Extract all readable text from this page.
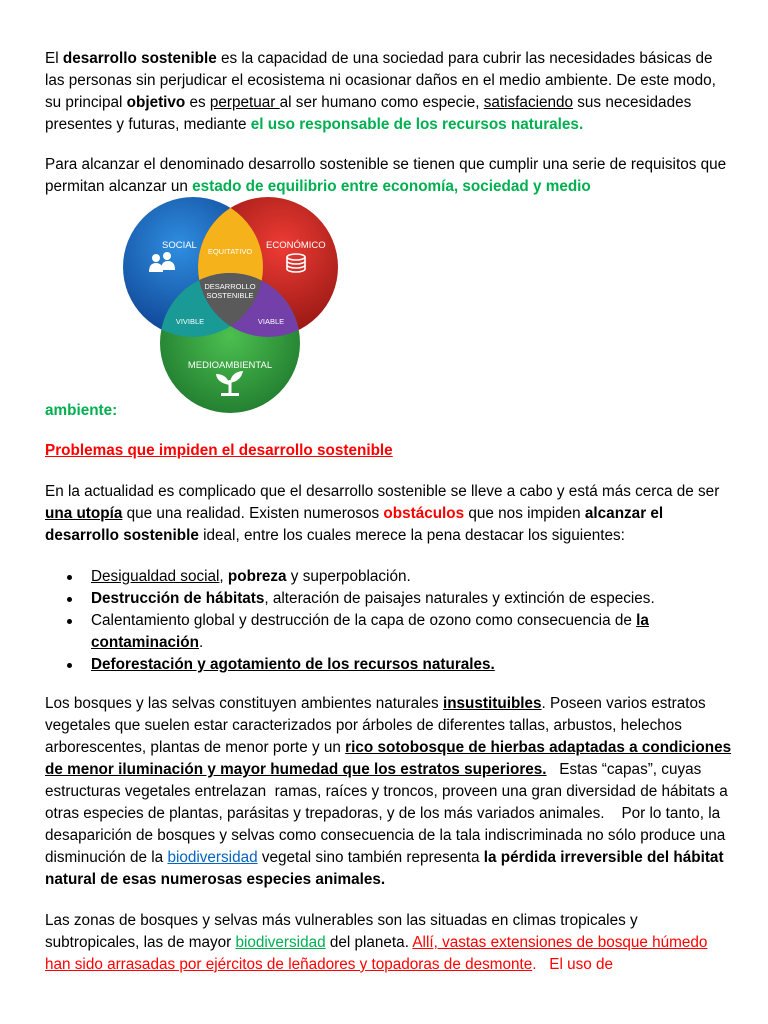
El desarrollo sostenible es la capacidad de una sociedad para cubrir las necesidades básicas de las personas sin perjudicar el ecosistema ni ocasionar daños en el medio ambiente. De este modo, su principal objetivo es perpetuar al ser humano como especie, satisfaciendo sus necesidades presentes y futuras, mediante el uso responsable de los recursos naturales.

Para alcanzar el denominado desarrollo sostenible se tienen que cumplir una serie de requisitos que permitan alcanzar un estado de equilibrio entre economía, sociedad y medio

SOCIAL	ECONÓMICO
EQUITATIVO
DESARROLLO
SOSTENIBLE
VIVIBLE	VIABLE
MEDIOAMBIENTAL

ambiente:

Problemas que impiden el desarrollo sostenible

En la actualidad es complicado que el desarrollo sostenible se lleve a cabo y está más cerca de ser una utopía que una realidad. Existen numerosos obstáculos que nos impiden alcanzar el desarrollo sostenible ideal, entre los cuales merece la pena destacar los siguientes:

Desigualdad social, pobreza y superpoblación.
Destrucción de hábitats, alteración de paisajes naturales y extinción de especies.
Calentamiento global y destrucción de la capa de ozono como consecuencia de la contaminación.
Deforestación y agotamiento de los recursos naturales.

Los bosques y las selvas constituyen ambientes naturales insustituibles. Poseen varios estratos vegetales que suelen estar caracterizados por árboles de diferentes tallas, arbustos, helechos arborescentes, plantas de menor porte y un rico sotobosque de hierbas adaptadas a condiciones de menor iluminación y mayor humedad que los estratos superiores.   Estas “capas”, cuyas estructuras vegetales entrelazan  ramas, raíces y troncos, proveen una gran diversidad de hábitats a otras especies de plantas, parásitas y trepadoras, y de los más variados animales.    Por lo tanto, la desaparición de bosques y selvas como consecuencia de la tala indiscriminada no sólo produce una disminución de la biodiversidad vegetal sino también representa la pérdida irreversible del hábitat natural de esas numerosas especies animales.

Las zonas de bosques y selvas más vulnerables son las situadas en climas tropicales y subtropicales, las de mayor biodiversidad del planeta. Allí, vastas extensiones de bosque húmedo han sido arrasadas por ejércitos de leñadores y topadoras de desmonte.   El uso de
